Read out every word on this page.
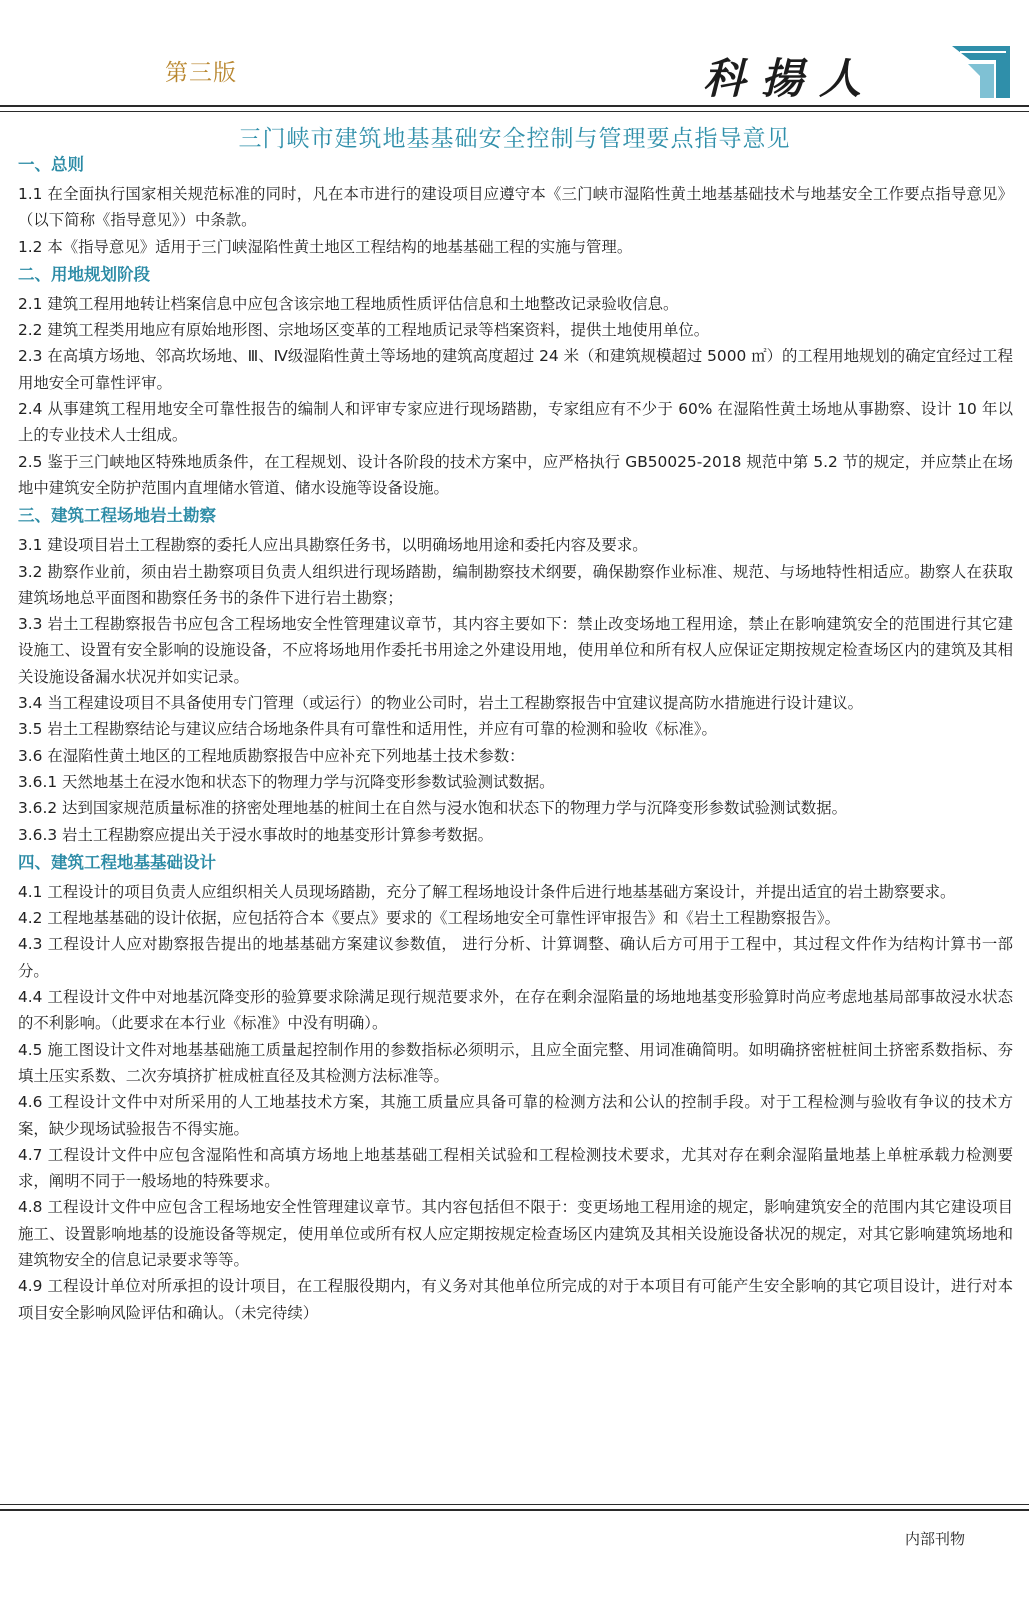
第三版	科揚人
三门峡市建筑地基基础安全控制与管理要点指导意见
一、总则

1.1 在全面执行国家相关规范标准的同时，凡在本市进行的建设项目应遵守本《三门峡市湿陷性黄土地基基础技术与地基安全工作要点指导意见》（以下简称《指导意见》）中条款。

1.2 本《指导意见》适用于三门峡湿陷性黄土地区工程结构的地基基础工程的实施与管理。

二、用地规划阶段

2.1 建筑工程用地转让档案信息中应包含该宗地工程地质性质评估信息和土地整改记录验收信息。

2.2 建筑工程类用地应有原始地形图、宗地场区变革的工程地质记录等档案资料，提供土地使用单位。

2.3 在高填方场地、邻高坎场地、Ⅲ、Ⅳ级湿陷性黄土等场地的建筑高度超过 24 米（和建筑规模超过 5000 ㎡）的工程用地规划的确定宜经过工程用地安全可靠性评审。

2.4 从事建筑工程用地安全可靠性报告的编制人和评审专家应进行现场踏勘，专家组应有不少于 60% 在湿陷性黄土场地从事勘察、设计 10 年以上的专业技术人士组成。

2.5 鉴于三门峡地区特殊地质条件，在工程规划、设计各阶段的技术方案中，应严格执行 GB50025-2018 规范中第 5.2 节的规定，并应禁止在场地中建筑安全防护范围内直埋储水管道、储水设施等设备设施。

三、建筑工程场地岩土勘察

3.1 建设项目岩土工程勘察的委托人应出具勘察任务书，以明确场地用途和委托内容及要求。

3.2 勘察作业前，须由岩土勘察项目负责人组织进行现场踏勘，编制勘察技术纲要，确保勘察作业标准、规范、与场地特性相适应。勘察人在获取建筑场地总平面图和勘察任务书的条件下进行岩土勘察；

3.3 岩土工程勘察报告书应包含工程场地安全性管理建议章节，其内容主要如下：禁止改变场地工程用途，禁止在影响建筑安全的范围进行其它建设施工、设置有安全影响的设施设备，不应将场地用作委托书用途之外建设用地，使用单位和所有权人应保证定期按规定检查场区内的建筑及其相关设施设备漏水状况并如实记录。

3.4 当工程建设项目不具备使用专门管理（或运行）的物业公司时，岩土工程勘察报告中宜建议提高防水措施进行设计建议。

3.5 岩土工程勘察结论与建议应结合场地条件具有可靠性和适用性，并应有可靠的检测和验收《标准》。

3.6 在湿陷性黄土地区的工程地质勘察报告中应补充下列地基土技术参数：

3.6.1 天然地基土在浸水饱和状态下的物理力学与沉降变形参数试验测试数据。

3.6.2 达到国家规范质量标准的挤密处理地基的桩间土在自然与浸水饱和状态下的物理力学与沉降变形参数试验测试数据。

3.6.3 岩土工程勘察应提出关于浸水事故时的地基变形计算参考数据。

四、建筑工程地基基础设计

4.1 工程设计的项目负责人应组织相关人员现场踏勘，充分了解工程场地设计条件后进行地基基础方案设计，并提出适宜的岩土勘察要求。

4.2 工程地基基础的设计依据，应包括符合本《要点》要求的《工程场地安全可靠性评审报告》和《岩土工程勘察报告》。

4.3 工程设计人应对勘察报告提出的地基基础方案建议参数值， 进行分析、计算调整、确认后方可用于工程中，其过程文件作为结构计算书一部分。

4.4 工程设计文件中对地基沉降变形的验算要求除满足现行规范要求外，在存在剩余湿陷量的场地地基变形验算时尚应考虑地基局部事故浸水状态的不利影响。（此要求在本行业《标准》中没有明确）。

4.5 施工图设计文件对地基基础施工质量起控制作用的参数指标必须明示，且应全面完整、用词准确简明。如明确挤密桩桩间土挤密系数指标、夯填土压实系数、二次夯填挤扩桩成桩直径及其检测方法标准等。

4.6 工程设计文件中对所采用的人工地基技术方案，其施工质量应具备可靠的检测方法和公认的控制手段。对于工程检测与验收有争议的技术方案，缺少现场试验报告不得实施。

4.7 工程设计文件中应包含湿陷性和高填方场地上地基基础工程相关试验和工程检测技术要求，尤其对存在剩余湿陷量地基上单桩承载力检测要求，阐明不同于一般场地的特殊要求。

4.8 工程设计文件中应包含工程场地安全性管理建议章节。其内容包括但不限于：变更场地工程用途的规定，影响建筑安全的范围内其它建设项目施工、设置影响地基的设施设备等规定，使用单位或所有权人应定期按规定检查场区内建筑及其相关设施设备状况的规定，对其它影响建筑场地和建筑物安全的信息记录要求等等。

4.9 工程设计单位对所承担的设计项目，在工程服役期内，有义务对其他单位所完成的对于本项目有可能产生安全影响的其它项目设计，进行对本项目安全影响风险评估和确认。（未完待续）

内部刊物
